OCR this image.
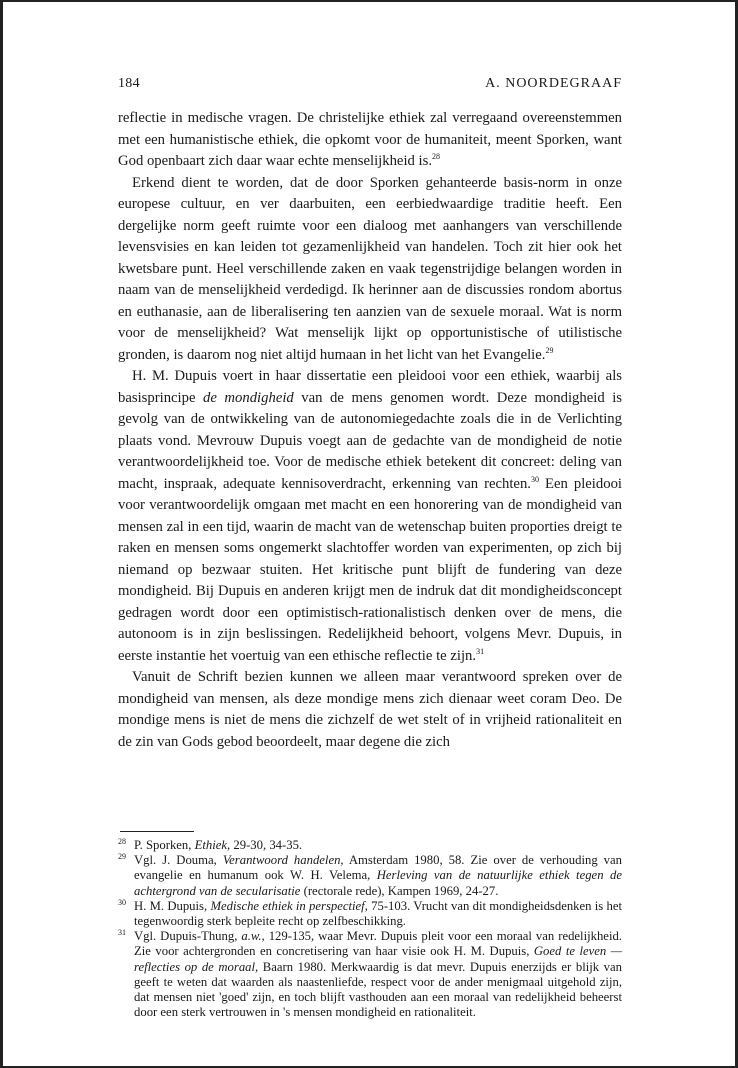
184	A. NOORDEGRAAF

reflectie in medische vragen. De christelijke ethiek zal verregaand overeenstemmen met een humanistische ethiek, die opkomt voor de humaniteit, meent Sporken, want God openbaart zich daar waar echte menselijkheid is.$^{28}$

Erkend dient te worden, dat de door Sporken gehanteerde basis-norm in onze europese cultuur, en ver daarbuiten, een eerbiedwaardige traditie heeft. Een dergelijke norm geeft ruimte voor een dialoog met aanhangers van verschillende levensvisies en kan leiden tot gezamenlijkheid van handelen. Toch zit hier ook het kwetsbare punt. Heel verschillende zaken en vaak tegenstrijdige belangen worden in naam van de menselijkheid verdedigd. Ik herinner aan de discussies rondom abortus en euthanasie, aan de liberalisering ten aanzien van de sexuele moraal. Wat is norm voor de menselijkheid? Wat menselijk lijkt op opportunistische of utilistische gronden, is daarom nog niet altijd humaan in het licht van het Evangelie.$^{29}$

H. M. Dupuis voert in haar dissertatie een pleidooi voor een ethiek, waarbij als basisprincipe de mondigheid van de mens genomen wordt. Deze mondigheid is gevolg van de ontwikkeling van de autonomiegedachte zoals die in de Verlichting plaats vond. Mevrouw Dupuis voegt aan de gedachte van de mondigheid de notie verantwoordelijkheid toe. Voor de medische ethiek betekent dit concreet: deling van macht, inspraak, adequate kennisoverdracht, erkenning van rechten.$^{30}$ Een pleidooi voor verantwoordelijk omgaan met macht en een honorering van de mondigheid van mensen zal in een tijd, waarin de macht van de wetenschap buiten proporties dreigt te raken en mensen soms ongemerkt slachtoffer worden van experimenten, op zich bij niemand op bezwaar stuiten. Het kritische punt blijft de fundering van deze mondigheid. Bij Dupuis en anderen krijgt men de indruk dat dit mondigheidsconcept gedragen wordt door een optimistisch-rationalistisch denken over de mens, die autonoom is in zijn beslissingen. Redelijkheid behoort, volgens Mevr. Dupuis, in eerste instantie het voertuig van een ethische reflectie te zijn.$^{31}$

Vanuit de Schrift bezien kunnen we alleen maar verantwoord spreken over de mondigheid van mensen, als deze mondige mens zich dienaar weet coram Deo. De mondige mens is niet de mens die zichzelf de wet stelt of in vrijheid rationaliteit en de zin van Gods gebod beoordeelt, maar degene die zich

$^{28}$ P. Sporken, Ethiek, 29-30, 34-35.
$^{29}$ Vgl. J. Douma, Verantwoord handelen, Amsterdam 1980, 58. Zie over de verhouding van evangelie en humanum ook W. H. Velema, Herleving van de natuurlijke ethiek tegen de achtergrond van de secularisatie (rectorale rede), Kampen 1969, 24-27.
$^{30}$ H. M. Dupuis, Medische ethiek in perspectief, 75-103. Vrucht van dit mondigheidsdenken is het tegenwoordig sterk bepleite recht op zelfbeschikking.
$^{31}$ Vgl. Dupuis-Thung, a.w., 129-135, waar Mevr. Dupuis pleit voor een moraal van redelijkheid. Zie voor achtergronden en concretisering van haar visie ook H. M. Dupuis, Goed te leven — reflecties op de moraal, Baarn 1980. Merkwaardig is dat mevr. Dupuis enerzijds er blijk van geeft te weten dat waarden als naastenliefde, respect voor de ander menigmaal uitgehold zijn, dat mensen niet 'goed' zijn, en toch blijft vasthouden aan een moraal van redelijkheid beheerst door een sterk vertrouwen in 's mensen mondigheid en rationaliteit.
